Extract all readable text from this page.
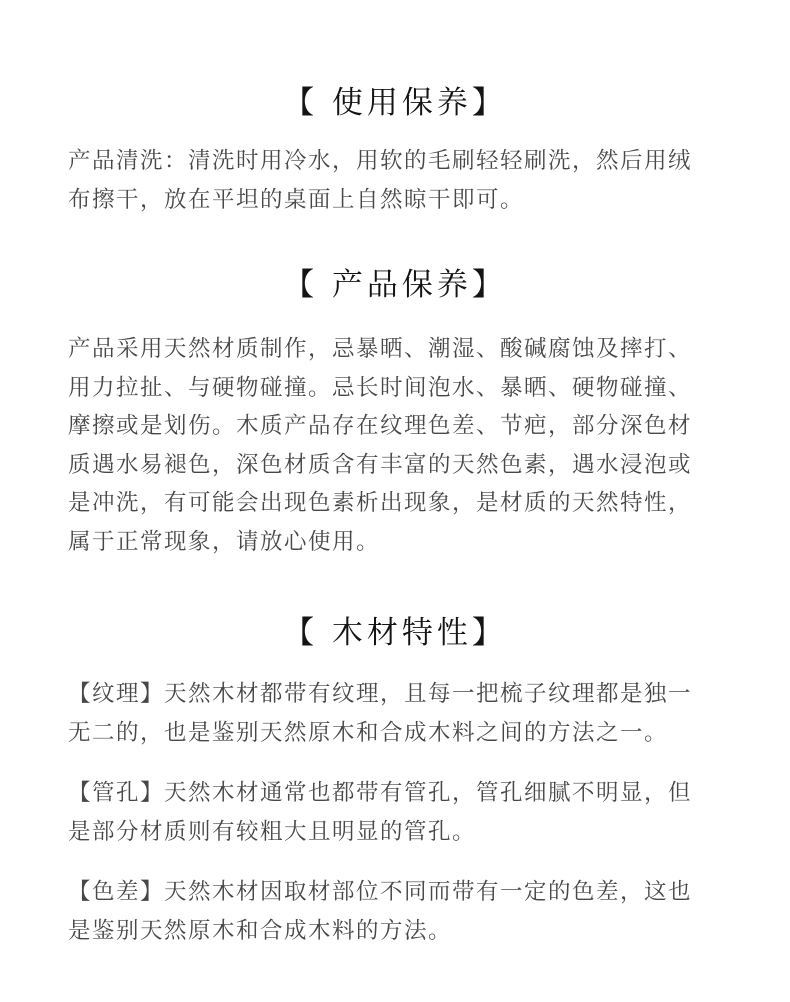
【 使用保养】

产品清洗：清洗时用冷水，用软的毛刷轻轻刷洗，然后用绒
布擦干，放在平坦的桌面上自然晾干即可。

【 产品保养】

产品采用天然材质制作，忌暴晒、潮湿、酸碱腐蚀及摔打、
用力拉扯、与硬物碰撞。忌长时间泡水、暴晒、硬物碰撞、
摩擦或是划伤。木质产品存在纹理色差、节疤，部分深色材
质遇水易褪色，深色材质含有丰富的天然色素，遇水浸泡或
是冲洗，有可能会出现色素析出现象，是材质的天然特性，
属于正常现象，请放心使用。

【 木材特性】

【纹理】天然木材都带有纹理，且每一把梳子纹理都是独一
无二的，也是鉴别天然原木和合成木料之间的方法之一。

【管孔】天然木材通常也都带有管孔，管孔细腻不明显，但
是部分材质则有较粗大且明显的管孔。

【色差】天然木材因取材部位不同而带有一定的色差，这也
是鉴别天然原木和合成木料的方法。
